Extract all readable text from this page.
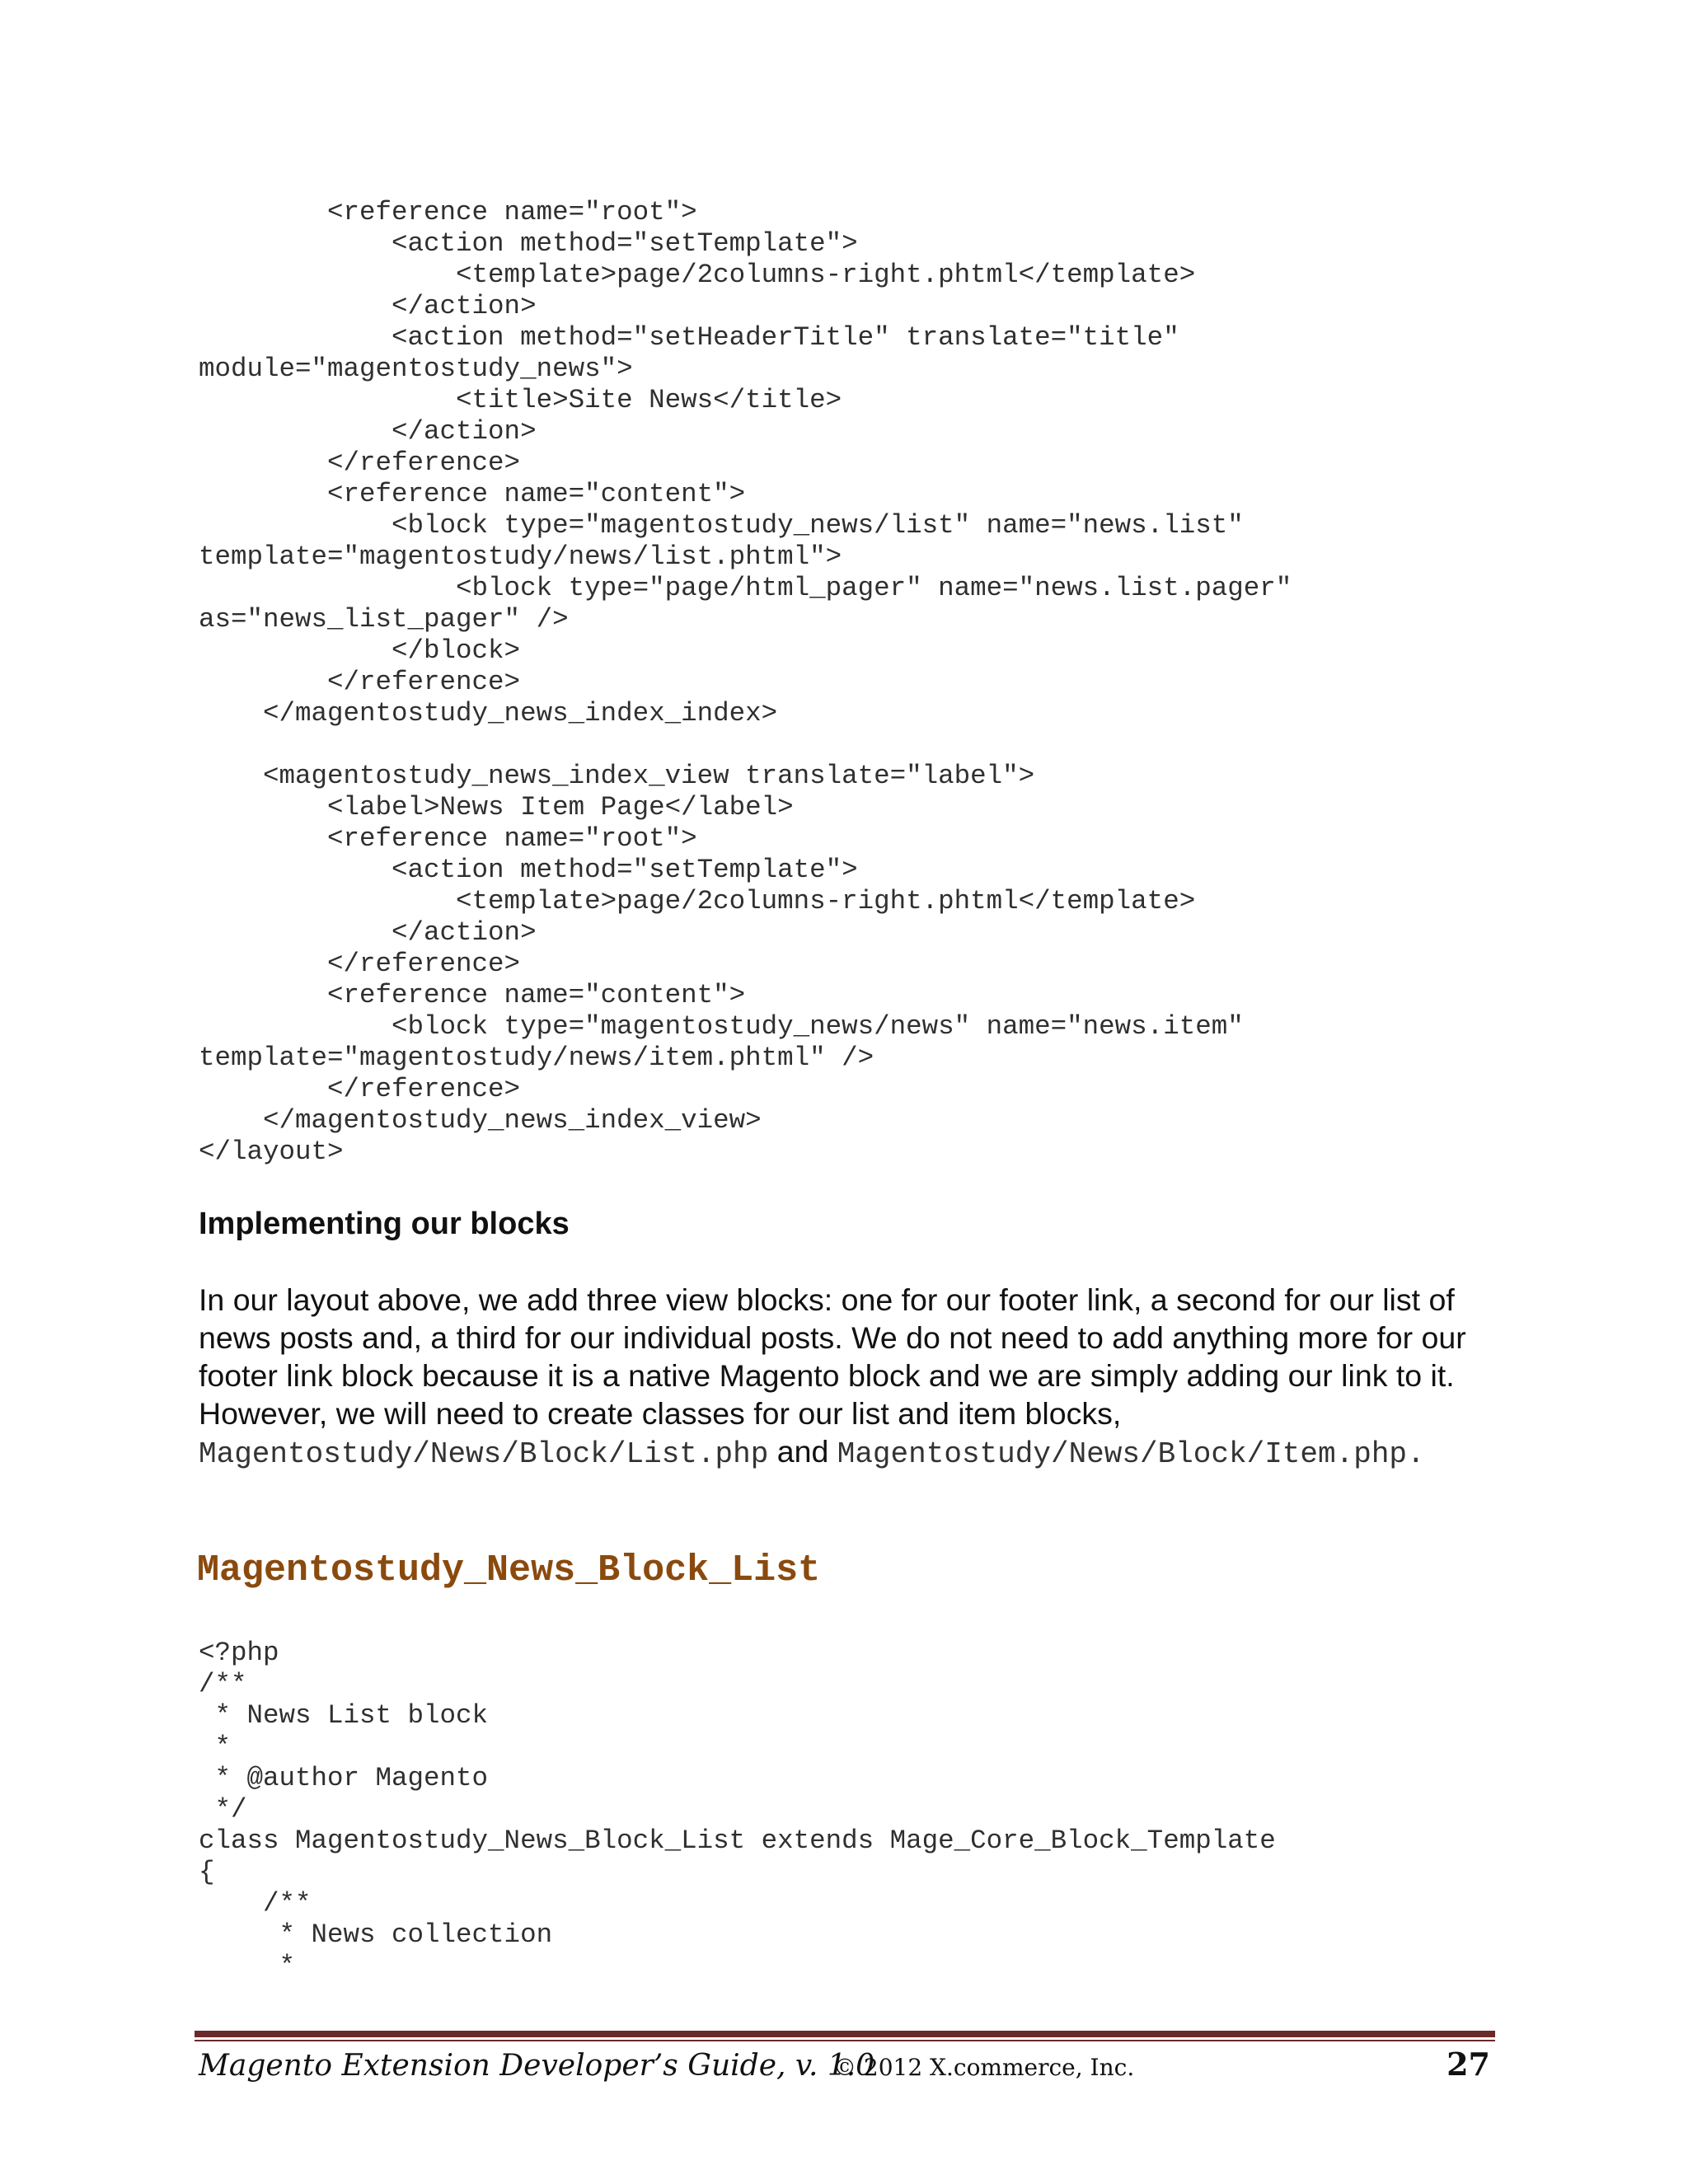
<reference name="root">
<action method="setTemplate">
<template>page/2columns-right.phtml</template>
</action>
<action method="setHeaderTitle" translate="title"
module="magentostudy_news">
<title>Site News</title>
</action>
</reference>
<reference name="content">
<block type="magentostudy_news/list" name="news.list"
template="magentostudy/news/list.phtml">
<block type="page/html_pager" name="news.list.pager"
as="news_list_pager" />
</block>
</reference>
</magentostudy_news_index_index>

<magentostudy_news_index_view translate="label">
<label>News Item Page</label>
<reference name="root">
<action method="setTemplate">
<template>page/2columns-right.phtml</template>
</action>
</reference>
<reference name="content">
<block type="magentostudy_news/news" name="news.item"
template="magentostudy/news/item.phtml" />
</reference>
</magentostudy_news_index_view>
</layout>
Implementing our blocks

In our layout above, we add three view blocks: one for our footer link, a second for our list of news posts and, a third for our individual posts. We do not need to add anything more for our footer link block because it is a native Magento block and we are simply adding our link to it. However, we will need to create classes for our list and item blocks, Magentostudy/News/Block/List.php and Magentostudy/News/Block/Item.php.

Magentostudy_News_Block_List
<?php
/**
* News List block
*
* @author Magento
*/
class Magentostudy_News_Block_List extends Mage_Core_Block_Template
{
/**
* News collection
*
Magento Extension Developer’s Guide, v. 1.0
© 2012 X.commerce, Inc.	27
